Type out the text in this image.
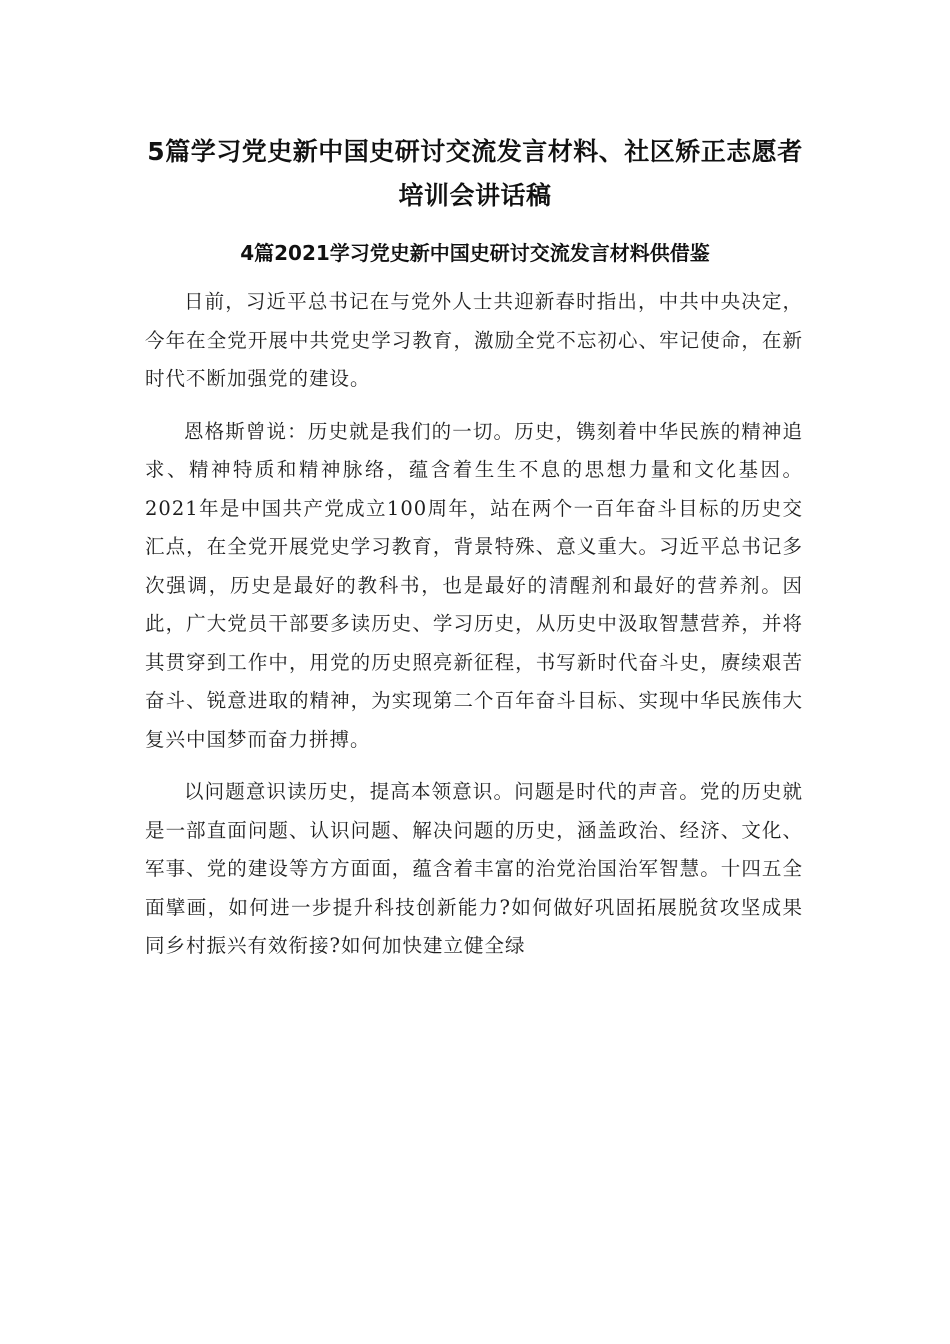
5篇学习党史新中国史研讨交流发言材料、社区矫正志愿者培训会讲话稿
4篇2021学习党史新中国史研讨交流发言材料供借鉴

日前，习近平总书记在与党外人士共迎新春时指出，中共中央决定，今年在全党开展中共党史学习教育，激励全党不忘初心、牢记使命，在新时代不断加强党的建设。

恩格斯曾说：历史就是我们的一切。历史，镌刻着中华民族的精神追求、精神特质和精神脉络，蕴含着生生不息的思想力量和文化基因。2021年是中国共产党成立100周年，站在两个一百年奋斗目标的历史交汇点，在全党开展党史学习教育，背景特殊、意义重大。习近平总书记多次强调，历史是最好的教科书，也是最好的清醒剂和最好的营养剂。因此，广大党员干部要多读历史、学习历史，从历史中汲取智慧营养，并将其贯穿到工作中，用党的历史照亮新征程，书写新时代奋斗史，赓续艰苦奋斗、锐意进取的精神，为实现第二个百年奋斗目标、实现中华民族伟大复兴中国梦而奋力拼搏。

以问题意识读历史，提高本领意识。问题是时代的声音。党的历史就是一部直面问题、认识问题、解决问题的历史，涵盖政治、经济、文化、军事、党的建设等方方面面，蕴含着丰富的治党治国治军智慧。十四五全面擘画，如何进一步提升科技创新能力?如何做好巩固拓展脱贫攻坚成果同乡村振兴有效衔接?如何加快建立健全绿
